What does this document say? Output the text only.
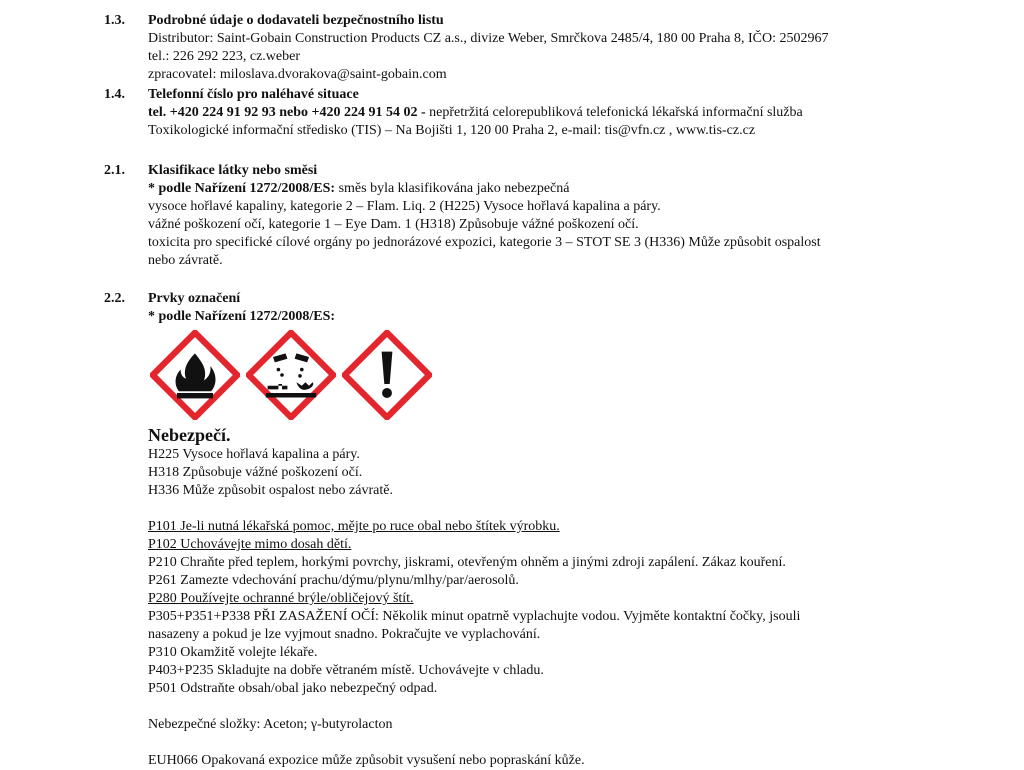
1.3. Podrobné údaje o dodavateli bezpečnostního listu
Distributor: Saint-Gobain Construction Products CZ a.s., divize Weber, Smrčkova 2485/4, 180 00 Praha 8, IČO: 2502967
tel.: 226 292 223, cz.weber
zpracovatel: miloslava.dvorakova@saint-gobain.com
1.4. Telefonní číslo pro naléhavé situace
tel. +420 224 91 92 93 nebo +420 224 91 54 02 - nepřetržitá celorepubliková telefonická lékařská informační služba
Toxikologické informační středisko (TIS) – Na Bojišti 1, 120 00 Praha 2, e-mail: tis@vfn.cz , www.tis-cz.cz
2.1. Klasifikace látky nebo směsi
* podle Nařízení 1272/2008/ES: směs byla klasifikována jako nebezpečná
vysoce hořlavé kapaliny, kategorie 2 – Flam. Liq. 2 (H225) Vysoce hořlavá kapalina a páry.
vážné poškození očí, kategorie 1 – Eye Dam. 1 (H318) Způsobuje vážné poškození očí.
toxicita pro specifické cílové orgány po jednorázové expozici, kategorie 3 – STOT SE 3 (H336) Může způsobit ospalost
nebo závratě.
2.2. Prvky označení
* podle Nařízení 1272/2008/ES:
Nebezpečí.
H225 Vysoce hořlavá kapalina a páry.
H318 Způsobuje vážné poškození očí.
H336 Může způsobit ospalost nebo závratě.
P101 Je-li nutná lékařská pomoc, mějte po ruce obal nebo štítek výrobku.
P102 Uchovávejte mimo dosah dětí.
P210 Chraňte před teplem, horkými povrchy, jiskrami, otevřeným ohněm a jinými zdroji zapálení. Zákaz kouření.
P261 Zamezte vdechování prachu/dýmu/plynu/mlhy/par/aerosolů.
P280 Používejte ochranné brýle/obličejový štít.
P305+P351+P338 PŘI ZASAŽENÍ OČÍ: Několik minut opatrně vyplachujte vodou. Vyjměte kontaktní čočky, jsouli
nasazeny a pokud je lze vyjmout snadno. Pokračujte ve vyplachování.
P310 Okamžitě volejte lékaře.
P403+P235 Skladujte na dobře větraném místě. Uchovávejte v chladu.
P501 Odstraňte obsah/obal jako nebezpečný odpad.
Nebezpečné složky: Aceton; γ-butyrolacton
EUH066 Opakovaná expozice může způsobit vysušení nebo popraskání kůže.
